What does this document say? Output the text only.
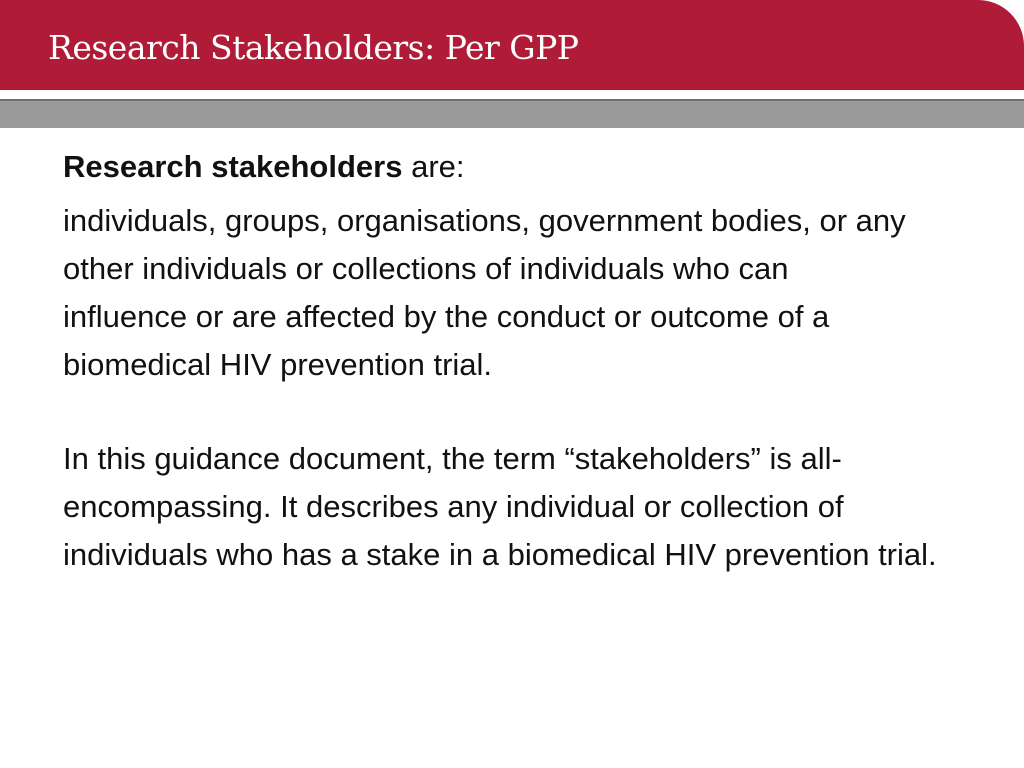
Research Stakeholders: Per GPP

Research stakeholders are:

individuals, groups, organisations, government bodies, or any other individuals or collections of individuals who can influence or are affected by the conduct or outcome of a biomedical HIV prevention trial.

In this guidance document, the term “stakeholders” is all-encompassing. It describes any individual or collection of individuals who has a stake in a biomedical HIV prevention trial.
